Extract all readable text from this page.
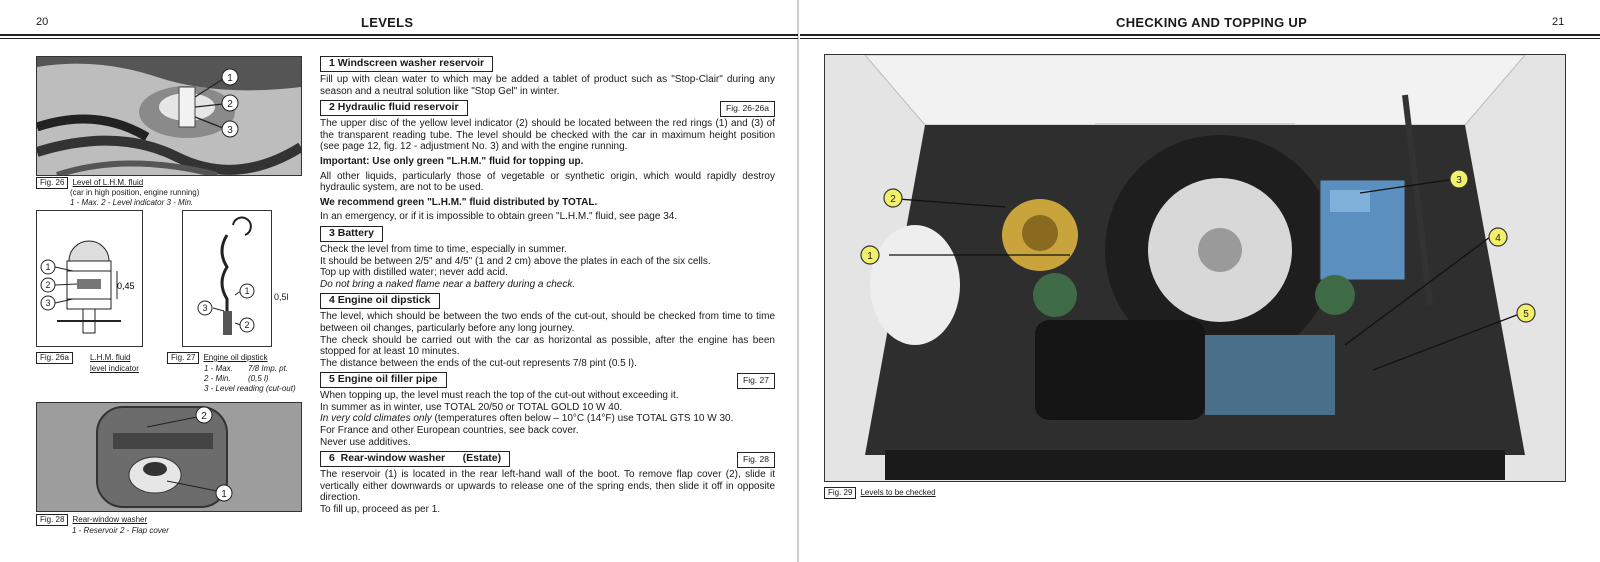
20	LEVELS
1
2
3
Fig. 26 Level of L.H.M. fluid
(car in high position, engine running)
1 - Max. 2 - Level indicator 3 - Min.
1
2
3
0,45
Fig. 26a	L.H.M. fluid
level indicator
1
2
3
0,5l
Fig. 27 Engine oil dipstick
1 - Max. 7/8 Imp. pt.
2 - Min. (0,5 l)
3 - Level reading (cut-out)
2
1
Fig. 28 Rear-window washer
1 - Reservoir 2 - Flap cover
1 Windscreen washer reservoir

Fill up with clean water to which may be added a tablet of product such as "Stop-Clair" during any season and a neutral solution like "Stop Gel" in winter.

2 Hydraulic fluid reservoir	Fig. 26-26a

The upper disc of the yellow level indicator (2) should be located between the red rings (1) and (3) of the transparent reading tube. The level should be checked with the car in maximum height position (see page 12, fig. 12 - adjustment No. 3) and with the engine running.

Important: Use only green "L.H.M." fluid for topping up.

All other liquids, particularly those of vegetable or synthetic origin, which would rapidly destroy hydraulic system, are not to be used.

We recommend green "L.H.M." fluid distributed by TOTAL.

In an emergency, or if it is impossible to obtain green "L.H.M." fluid, see page 34.

3 Battery

Check the level from time to time, especially in summer.

It should be between 2/5" and 4/5" (1 and 2 cm) above the plates in each of the six cells.

Top up with distilled water; never add acid.

Do not bring a naked flame near a battery during a check.

4 Engine oil dipstick

The level, which should be between the two ends of the cut-out, should be checked from time to time between oil changes, particularly before any long journey.

The check should be carried out with the car as horizontal as possible, after the engine has been stopped for at least 10 minutes.

The distance between the ends of the cut-out represents 7/8 pint (0.5 l).

5 Engine oil filler pipe	Fig. 27

When topping up, the level must reach the top of the cut-out without exceeding it.

In summer as in winter, use TOTAL 20/50 or TOTAL GOLD 10 W 40.

In very cold climates only (temperatures often below – 10°C (14°F) use TOTAL GTS 10 W 30.

For France and other European countries, see back cover.

Never use additives.

6  Rear-window washer      (Estate)	Fig. 28

The reservoir (1) is located in the rear left-hand wall of the boot. To remove flap cover (2), slide it vertically either downwards or upwards to release one of the spring ends, then slide it off in opposite direction.

To fill up, proceed as per 1.

CHECKING AND TOPPING UP	21
1
2
3
4
5
Fig. 29 Levels to be checked
